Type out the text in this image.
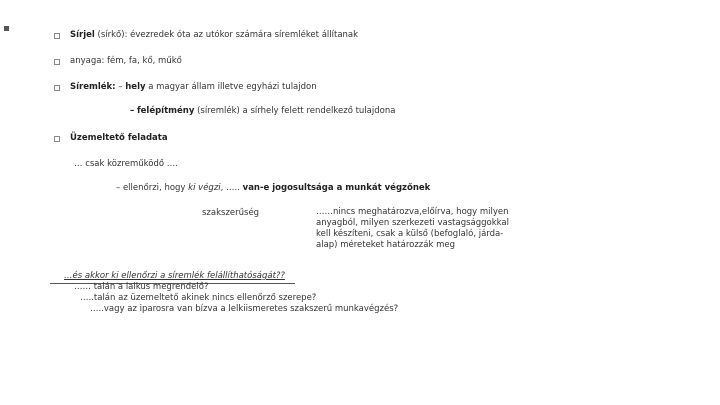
Sírjel (sírkő): évezredek óta az utókor számára síremléket állítanak
anyaga: fém, fa, kő, műkő
Síremlék: – hely a magyar állam illetve egyházi tulajdon
– felépítmény (síremlék) a sírhely felett rendelkező tulajdona
Üzemeltető feladata
… csak közreműködő ….
– ellenőrzi, hogy ki végzi, ….. van-e jogosultsága a munkát végzőnek
szakszerűség	……nincs meghatározva,előírva, hogy milyen
anyagból, milyen szerkezeti vastagsággokkal
kell készíteni, csak a külső (befoglaló, járda-
alap) méreteket határozzák meg
…és akkor ki ellenőrzi a síremlék felállíthatóságát??
…… talán a laikus megrendelő?
…..talán az üzemeltető akinek nincs ellenőrző szerepe?
…..vagy az iparosra van bízva a lelkiismeretes szakszerű munkavégzés?
